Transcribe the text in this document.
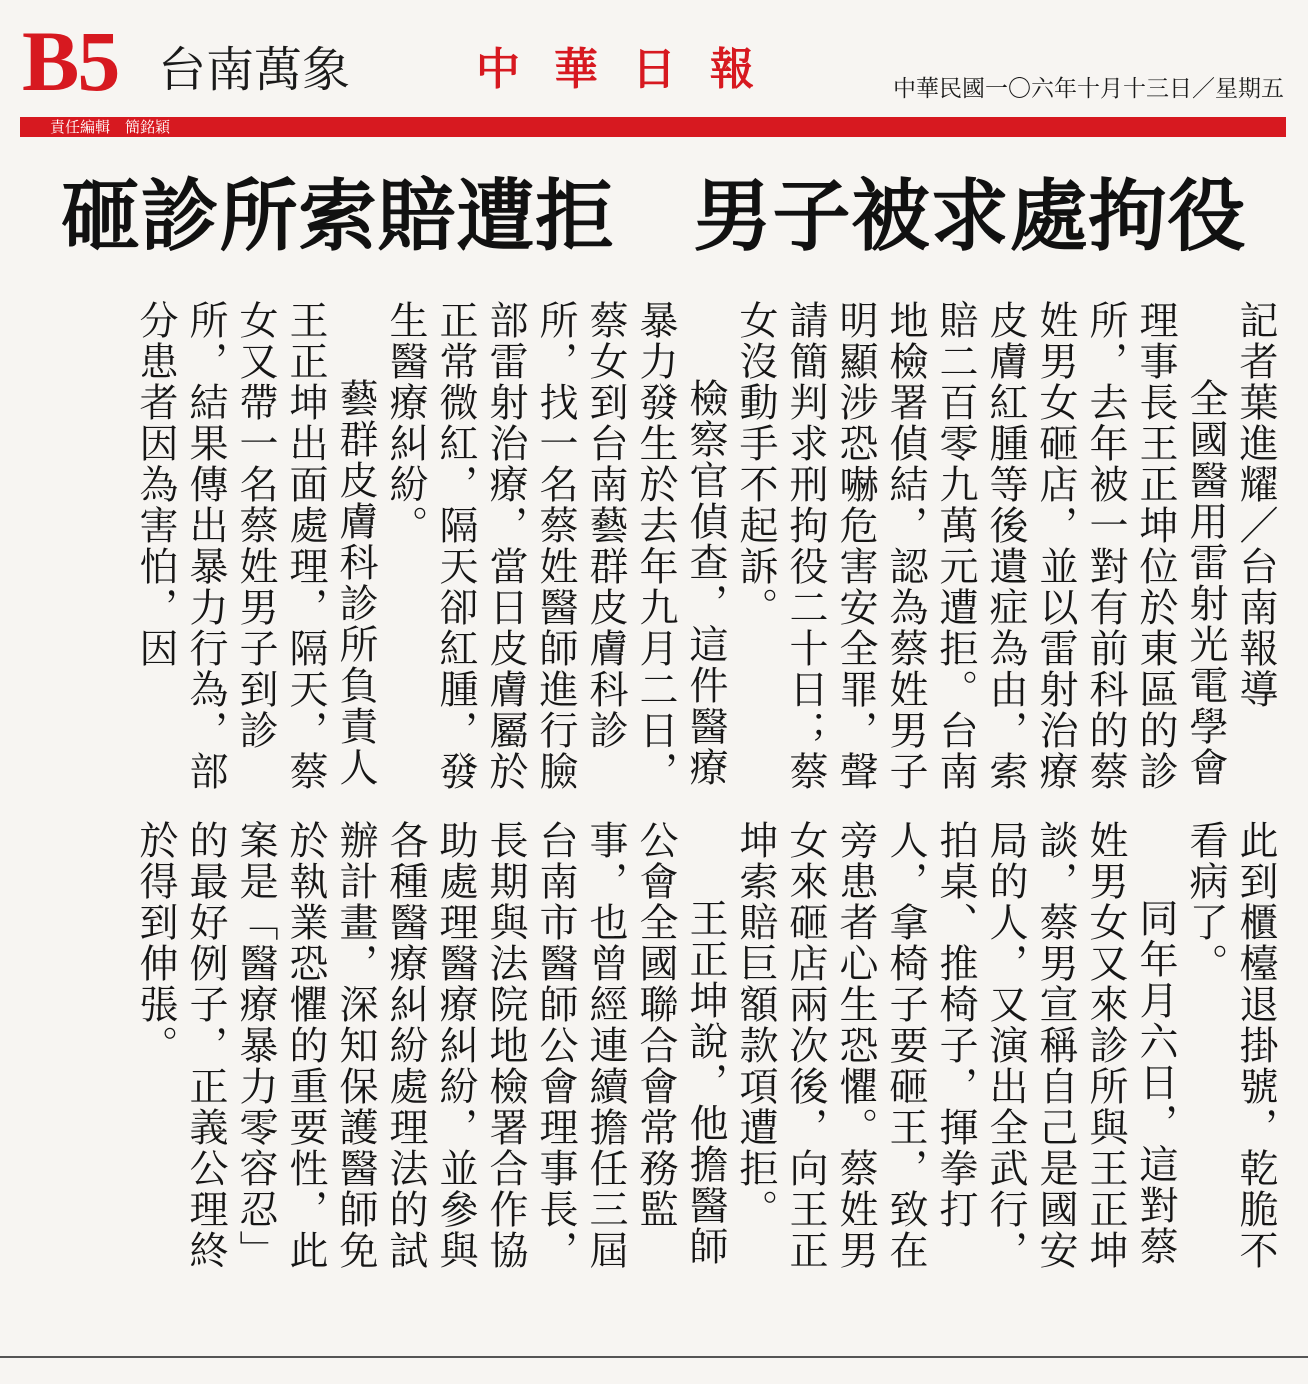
B5 台南萬象	中華日報	中華民國一〇六年十月十三日／星期五
責任編輯　簡銘穎
砸診所索賠遭拒　男子被求處拘役

記者葉進耀／台南報導

全國醫用雷射光電學會理事長王正坤位於東區的診所，去年被一對有前科的蔡姓男女砸店，並以雷射治療皮膚紅腫等後遺症為由，索賠二百零九萬元遭拒。台南地檢署偵結，認為蔡姓男子明顯涉恐嚇危害安全罪，聲請簡判求刑拘役二十日；蔡女沒動手不起訴。

檢察官偵查，這件醫療暴力發生於去年九月二日，蔡女到台南藝群皮膚科診所，找一名蔡姓醫師進行臉部雷射治療，當日皮膚屬於正常微紅，隔天卻紅腫，發生醫療糾紛。

藝群皮膚科診所負責人王正坤出面處理，隔天，蔡女又帶一名蔡姓男子到診所，結果傳出暴力行為，部分患者因為害怕，因

此到櫃檯退掛號，乾脆不看病了。

同年月六日，這對蔡姓男女又來診所與王正坤談，蔡男宣稱自己是國安局的人，又演出全武行，拍桌、推椅子，揮拳打人，拿椅子要砸王，致在旁患者心生恐懼。蔡姓男女來砸店兩次後，向王正坤索賠巨額款項遭拒。

王正坤說，他擔醫師公會全國聯合會常務監事，也曾經連續擔任三屆台南市醫師公會理事長，長期與法院地檢署合作協助處理醫療糾紛，並參與各種醫療糾紛處理法的試辦計畫，深知保護醫師免於執業恐懼的重要性，此案是「醫療暴力零容忍」的最好例子，正義公理終於得到伸張。
